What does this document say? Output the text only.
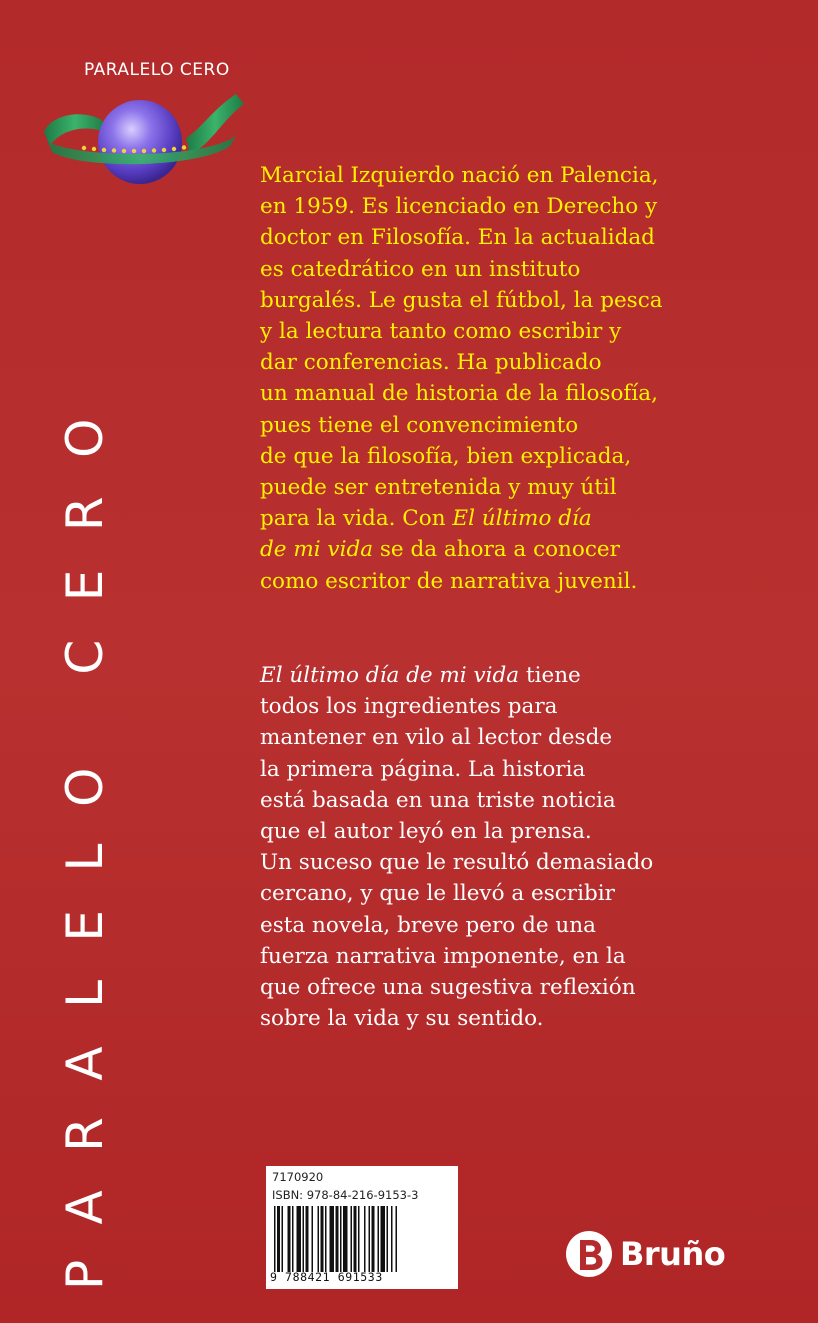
PARALELO CERO
PARALELO CERO
Marcial Izquierdo nació en Palencia,
en 1959. Es licenciado en Derecho y
doctor en Filosofía. En la actualidad
es catedrático en un instituto
burgalés. Le gusta el fútbol, la pesca
y la lectura tanto como escribir y
dar conferencias. Ha publicado
un manual de historia de la filosofía,
pues tiene el convencimiento
de que la filosofía, bien explicada,
puede ser entretenida y muy útil
para la vida. Con El último día
de mi vida se da ahora a conocer
como escritor de narrativa juvenil.
El último día de mi vida tiene
todos los ingredientes para
mantener en vilo al lector desde
la primera página. La historia
está basada en una triste noticia
que el autor leyó en la prensa.
Un suceso que le resultó demasiado
cercano, y que le llevó a escribir
esta novela, breve pero de una
fuerza narrativa imponente, en la
que ofrece una sugestiva reflexión
sobre la vida y su sentido.
7170920
ISBN: 978-84-216-9153-3
9 788421 691533
Bruño
